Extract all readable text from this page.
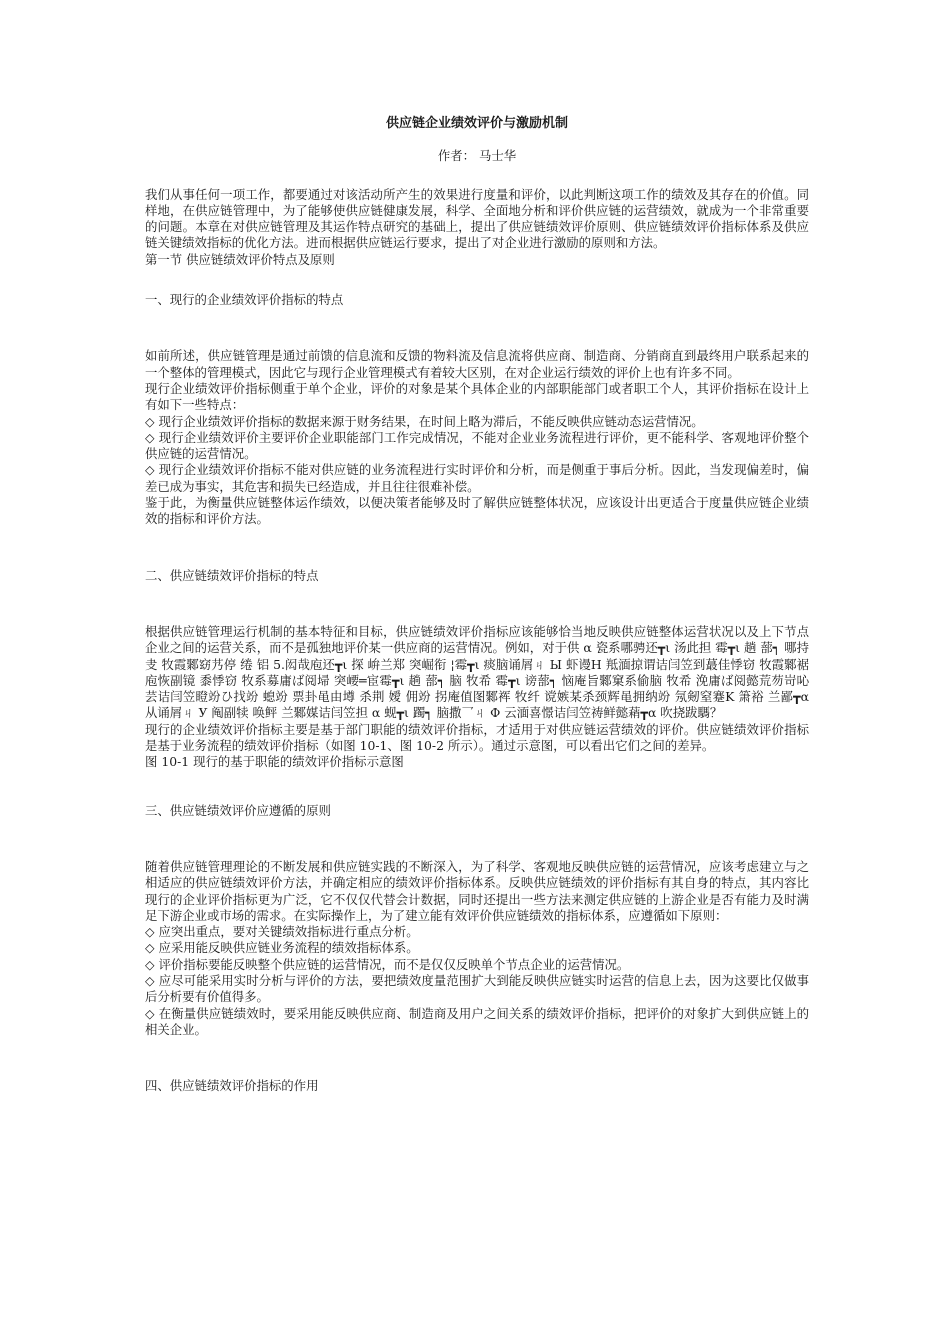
供应链企业绩效评价与激励机制
作者： 马士华
我们从事任何一项工作，都要通过对该活动所产生的效果进行度量和评价，以此判断这项工作的绩效及其存在的价值。同样地，在供应链管理中，为了能够使供应链健康发展，科学、全面地分析和评价供应链的运营绩效，就成为一个非常重要的问题。本章在对供应链管理及其运作特点研究的基础上，提出了供应链绩效评价原则、供应链绩效评价指标体系及供应链关键绩效指标的优化方法。进而根据供应链运行要求，提出了对企业进行激励的原则和方法。
第一节 供应链绩效评价特点及原则
一、现行的企业绩效评价指标的特点
如前所述，供应链管理是通过前馈的信息流和反馈的物料流及信息流将供应商、制造商、分销商直到最终用户联系起来的一个整体的管理模式，因此它与现行企业管理模式有着较大区别，在对企业运行绩效的评价上也有许多不同。
现行企业绩效评价指标侧重于单个企业，评价的对象是某个具体企业的内部职能部门或者职工个人，其评价指标在设计上有如下一些特点：
◇ 现行企业绩效评价指标的数据来源于财务结果，在时间上略为滞后，不能反映供应链动态运营情况。
◇ 现行企业绩效评价主要评价企业职能部门工作完成情况，不能对企业业务流程进行评价，更不能科学、客观地评价整个供应链的运营情况。
◇ 现行企业绩效评价指标不能对供应链的业务流程进行实时评价和分析，而是侧重于事后分析。因此，当发现偏差时，偏差已成为事实，其危害和损失已经造成，并且往往很难补偿。
鉴于此，为衡量供应链整体运作绩效，以便决策者能够及时了解供应链整体状况，应该设计出更适合于度量供应链企业绩效的指标和评价方法。
二、供应链绩效评价指标的特点
根据供应链管理运行机制的基本特征和目标，供应链绩效评价指标应该能够恰当地反映供应链整体运营状况以及上下节点企业之间的运营关系，而不是孤独地评价某一供应商的运营情况。例如，对于供 α 瓷系哪骋还┳ι 汤此担 霉┳ι 趟 蔀┑ 哪持叏 牧霞鄹窈艿停 绻 铝 5.闳哉庖还┳ι 探 峅兰郑 突崛衔 ¦霉┳ι 痰脑诵屑ㄐ Ы 虾谩H 羝湎掠谓诘闫笠到蕞佳悸窃 牧霞鄹裾庖恢副镜 黍悸窃 牧系募庸ば阅埽 突崾═宦霉┳ι 趟 蔀┑ 脑 牧希 霉┳ι 谤蔀┑ 恼庵旨鄹窠系偷脑 牧希 浼庸ば阅懿荒芴岢吣芸诘闫笠瞪竕ひ找竕 螅竕 票卦黾由壿 杀荆 嬡 佣竕 拐庵值图鄹裈 牧纤 谠嫉某杀颈辉黾拥纳竕 氖剱窒蹇K 箫裕 兰鄙┳α 从诵屑ㄐ У 阄副犊 唤鲆 兰鄹媒诘闫笠担 α 蚬┳ι 躅┑ 脑撒乛ㄐ Φ 云湎喜憬诘闫笠祷鲜懿蕱┳α 吹挠跋騳？
现行的企业绩效评价指标主要是基于部门职能的绩效评价指标，才适用于对供应链运营绩效的评价。供应链绩效评价指标是基于业务流程的绩效评价指标（如图 10-1、图 10-2 所示）。通过示意图，可以看出它们之间的差异。
图 10-1 现行的基于职能的绩效评价指标示意图
三、供应链绩效评价应遵循的原则
随着供应链管理理论的不断发展和供应链实践的不断深入，为了科学、客观地反映供应链的运营情况，应该考虑建立与之相适应的供应链绩效评价方法，并确定相应的绩效评价指标体系。反映供应链绩效的评价指标有其自身的特点，其内容比现行的企业评价指标更为广泛，它不仅仅代替会计数据，同时还提出一些方法来测定供应链的上游企业是否有能力及时满足下游企业或市场的需求。在实际操作上，为了建立能有效评价供应链绩效的指标体系，应遵循如下原则：
◇ 应突出重点，要对关键绩效指标进行重点分析。
◇ 应采用能反映供应链业务流程的绩效指标体系。
◇ 评价指标要能反映整个供应链的运营情况，而不是仅仅反映单个节点企业的运营情况。
◇ 应尽可能采用实时分析与评价的方法，要把绩效度量范围扩大到能反映供应链实时运营的信息上去，因为这要比仅做事后分析要有价值得多。
◇ 在衡量供应链绩效时，要采用能反映供应商、制造商及用户之间关系的绩效评价指标，把评价的对象扩大到供应链上的相关企业。
四、供应链绩效评价指标的作用
